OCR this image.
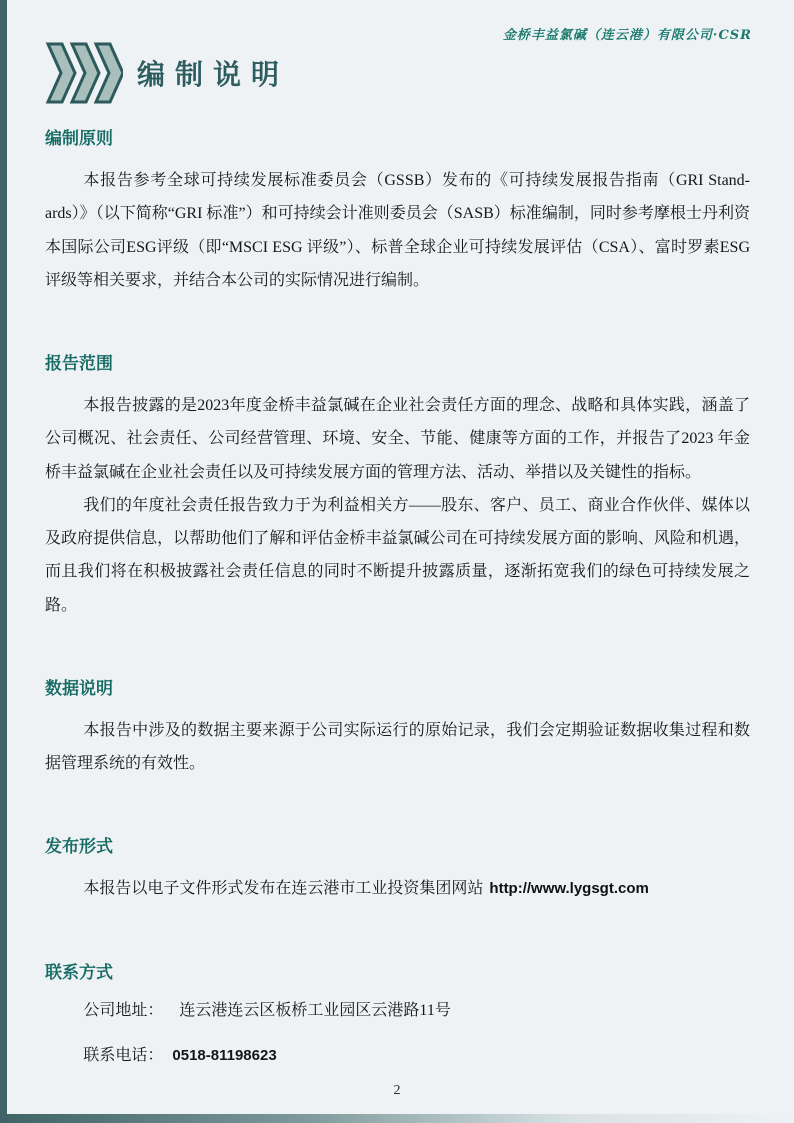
金桥丰益氯碱（连云港）有限公司·CSR
编制说明
编制原则

本报告参考全球可持续发展标准委员会（GSSB）发布的《可持续发展报告指南（GRI Stand-ards）》（以下简称“GRI 标准”）和可持续会计准则委员会（SASB）标准编制，同时参考摩根士丹利资本国际公司ESG评级（即“MSCI ESG 评级”）、标普全球企业可持续发展评估（CSA）、富时罗素ESG评级等相关要求，并结合本公司的实际情况进行编制。

报告范围

本报告披露的是2023年度金桥丰益氯碱在企业社会责任方面的理念、战略和具体实践，涵盖了公司概况、社会责任、公司经营管理、环境、安全、节能、健康等方面的工作，并报告了2023 年金桥丰益氯碱在企业社会责任以及可持续发展方面的管理方法、活动、举措以及关键性的指标。

我们的年度社会责任报告致力于为利益相关方——股东、客户、员工、商业合作伙伴、媒体以及政府提供信息，以帮助他们了解和评估金桥丰益氯碱公司在可持续发展方面的影响、风险和机遇，而且我们将在积极披露社会责任信息的同时不断提升披露质量，逐渐拓宽我们的绿色可持续发展之路。

数据说明

本报告中涉及的数据主要来源于公司实际运行的原始记录，我们会定期验证数据收集过程和数据管理系统的有效性。

发布形式

本报告以电子文件形式发布在连云港市工业投资集团网站 http://www.lygsgt.com

联系方式
公司地址： 连云港连云区板桥工业园区云港路11号
联系电话： 0518-81198623
2
